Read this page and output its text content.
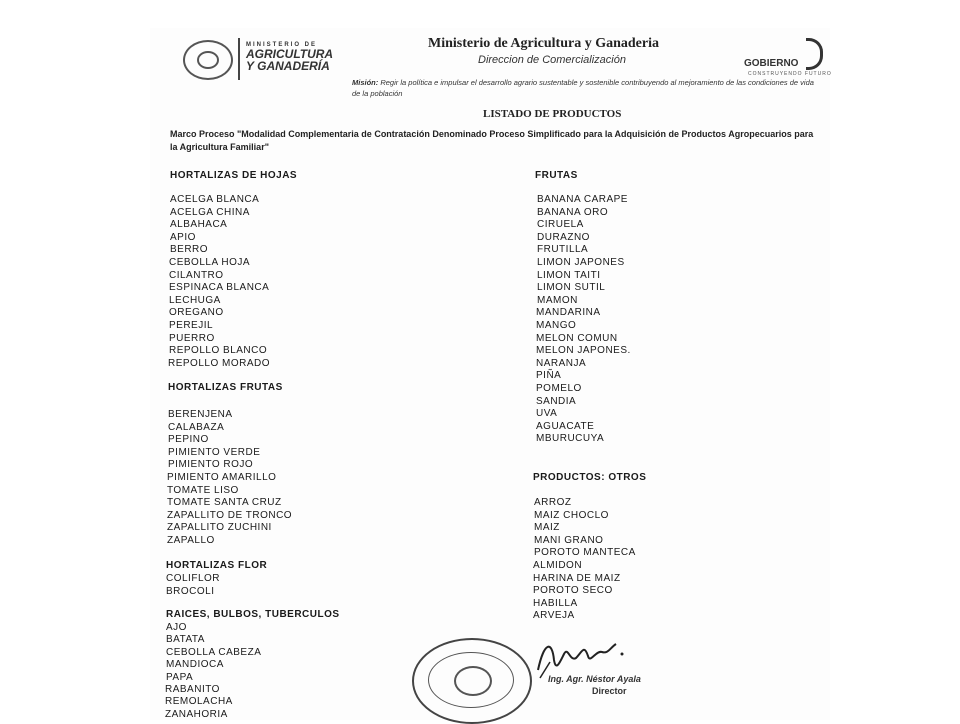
MINISTERIO DE
AGRICULTURA
Y GANADERÍA
Ministerio de Agricultura y Ganaderia
Direccion de Comercialización	GOBIERNO
CONSTRUYENDO FUTURO
Misión: Regir la política e impulsar el desarrollo agrario sustentable y sostenible contribuyendo al mejoramiento de las condiciones de vida de la población
LISTADO DE PRODUCTOS
Marco Proceso "Modalidad Complementaria de Contratación Denominado Proceso Simplificado para la Adquisición de Productos Agropecuarios para la Agricultura Familiar"
HORTALIZAS DE HOJAS
ACELGA BLANCA
ACELGA CHINA
ALBAHACA
APIO
BERRO
CEBOLLA HOJA
CILANTRO
ESPINACA BLANCA
LECHUGA
OREGANO
PEREJIL
PUERRO
REPOLLO BLANCO
REPOLLO MORADO
HORTALIZAS FRUTAS
BERENJENA
CALABAZA
PEPINO
PIMIENTO VERDE
PIMIENTO ROJO
PIMIENTO AMARILLO
TOMATE LISO
TOMATE SANTA CRUZ
ZAPALLITO DE TRONCO
ZAPALLITO ZUCHINI
ZAPALLO
HORTALIZAS FLOR
COLIFLOR
BROCOLI
RAICES, BULBOS, TUBERCULOS
AJO
BATATA
CEBOLLA CABEZA
MANDIOCA
PAPA
RABANITO
REMOLACHA
ZANAHORIA
FRUTAS
BANANA CARAPE
BANANA ORO
CIRUELA
DURAZNO
FRUTILLA
LIMON JAPONES
LIMON TAITI
LIMON SUTIL
MAMON
MANDARINA
MANGO
MELON COMUN
MELON JAPONES.
NARANJA
PIÑA
POMELO
SANDIA
UVA
AGUACATE
MBURUCUYA
PRODUCTOS: OTROS
ARROZ
MAIZ CHOCLO
MAIZ
MANI GRANO
POROTO MANTECA
ALMIDON
HARINA DE MAIZ
POROTO SECO
HABILLA
ARVEJA
Ing. Agr. Néstor Ayala
Director
